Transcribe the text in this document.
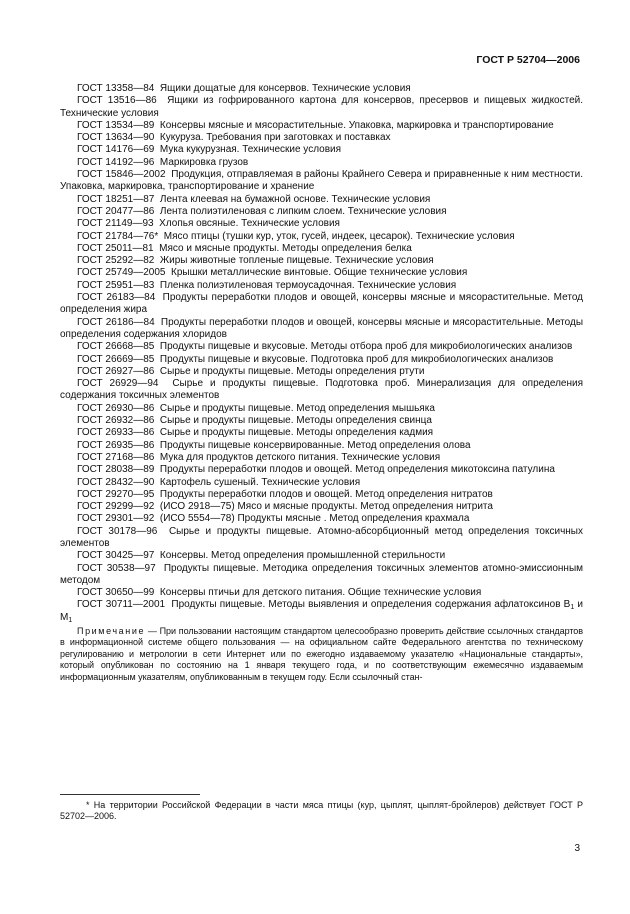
ГОСТ Р 52704—2006
ГОСТ 13358—84 Ящики дощатые для консервов. Технические условия
ГОСТ 13516—86 Ящики из гофрированного картона для консервов, пресервов и пищевых жидкостей. Технические условия
ГОСТ 13534—89 Консервы мясные и мясорастительные. Упаковка, маркировка и транспортирование
ГОСТ 13634—90 Кукуруза. Требования при заготовках и поставках
ГОСТ 14176—69 Мука кукурузная. Технические условия
ГОСТ 14192—96 Маркировка грузов
ГОСТ 15846—2002 Продукция, отправляемая в районы Крайнего Севера и приравненные к ним местности. Упаковка, маркировка, транспортирование и хранение
ГОСТ 18251—87 Лента клеевая на бумажной основе. Технические условия
ГОСТ 20477—86 Лента полиэтиленовая с липким слоем. Технические условия
ГОСТ 21149—93 Хлопья овсяные. Технические условия
ГОСТ 21784—76* Мясо птицы (тушки кур, уток, гусей, индеек, цесарок). Технические условия
ГОСТ 25011—81 Мясо и мясные продукты. Методы определения белка
ГОСТ 25292—82 Жиры животные топленые пищевые. Технические условия
ГОСТ 25749—2005 Крышки металлические винтовые. Общие технические условия
ГОСТ 25951—83 Пленка полиэтиленовая термоусадочная. Технические условия
ГОСТ 26183—84 Продукты переработки плодов и овощей, консервы мясные и мясорастительные. Метод определения жира
ГОСТ 26186—84 Продукты переработки плодов и овощей, консервы мясные и мясорастительные. Методы определения содержания хлоридов
ГОСТ 26668—85 Продукты пищевые и вкусовые. Методы отбора проб для микробиологических анализов
ГОСТ 26669—85 Продукты пищевые и вкусовые. Подготовка проб для микробиологических анализов
ГОСТ 26927—86 Сырье и продукты пищевые. Методы определения ртути
ГОСТ 26929—94 Сырье и продукты пищевые. Подготовка проб. Минерализация для определения содержания токсичных элементов
ГОСТ 26930—86 Сырье и продукты пищевые. Метод определения мышьяка
ГОСТ 26932—86 Сырье и продукты пищевые. Методы определения свинца
ГОСТ 26933—86 Сырье и продукты пищевые. Методы определения кадмия
ГОСТ 26935—86 Продукты пищевые консервированные. Метод определения олова
ГОСТ 27168—86 Мука для продуктов детского питания. Технические условия
ГОСТ 28038—89 Продукты переработки плодов и овощей. Метод определения микотоксина патулина
ГОСТ 28432—90 Картофель сушеный. Технические условия
ГОСТ 29270—95 Продукты переработки плодов и овощей. Метод определения нитратов
ГОСТ 29299—92 (ИСО 2918—75) Мясо и мясные продукты. Метод определения нитрита
ГОСТ 29301—92 (ИСО 5554—78) Продукты мясные . Метод определения крахмала
ГОСТ 30178—96 Сырье и продукты пищевые. Атомно-абсорбционный метод определения токсичных элементов
ГОСТ 30425—97 Консервы. Метод определения промышленной стерильности
ГОСТ 30538—97 Продукты пищевые. Методика определения токсичных элементов атомно-эмиссионным методом
ГОСТ 30650—99 Консервы птичьи для детского питания. Общие технические условия
ГОСТ 30711—2001 Продукты пищевые. Методы выявления и определения содержания афлатоксинов $B_1$ и $M_1$
Примечание — При пользовании настоящим стандартом целесообразно проверить действие ссылочных стандартов в информационной системе общего пользования — на официальном сайте Федерального агентства по техническому регулированию и метрологии в сети Интернет или по ежегодно издаваемому указателю «Национальные стандарты», который опубликован по состоянию на 1 января текущего года, и по соответствующим ежемесячно издаваемым информационным указателям, опубликованным в текущем году. Если ссылочный стан-
* На территории Российской Федерации в части мяса птицы (кур, цыплят, цыплят-бройлеров) действует ГОСТ Р 52702—2006.
3
